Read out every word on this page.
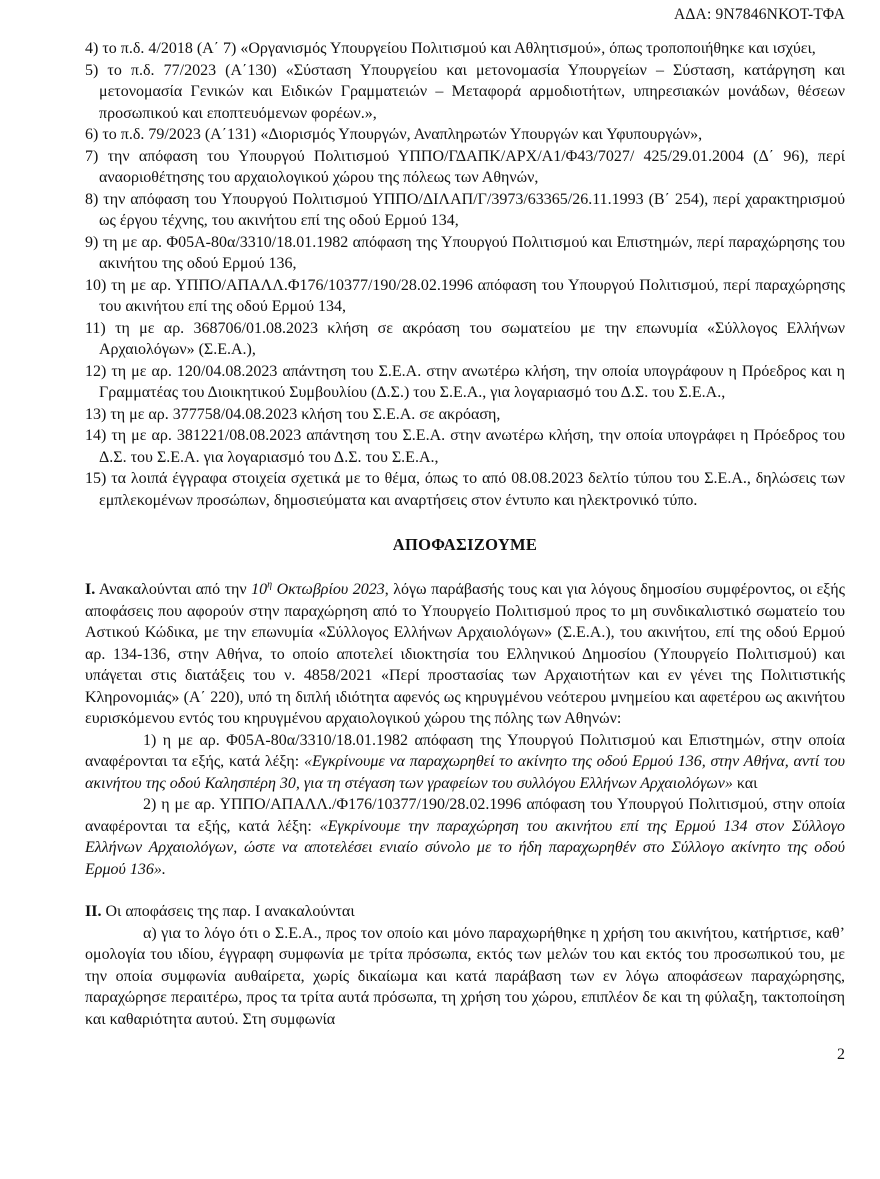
ΑΔΑ: 9Ν7846ΝΚΟΤ-ΤΦΑ
4) το π.δ. 4/2018 (Α΄ 7) «Οργανισμός Υπουργείου Πολιτισμού και Αθλητισμού», όπως τροποποιήθηκε και ισχύει,
5) το π.δ. 77/2023 (Α΄130) «Σύσταση Υπουργείου και μετονομασία Υπουργείων – Σύσταση, κατάργηση και μετονομασία Γενικών και Ειδικών Γραμματειών – Μεταφορά αρμοδιοτήτων, υπηρεσιακών μονάδων, θέσεων προσωπικού και εποπτευόμενων φορέων.»,
6) το π.δ. 79/2023 (Α΄131) «Διορισμός Υπουργών, Αναπληρωτών Υπουργών και Υφυπουργών»,
7) την απόφαση του Υπουργού Πολιτισμού ΥΠΠΟ/ΓΔΑΠΚ/ΑΡΧ/Α1/Φ43/7027/ 425/29.01.2004 (Δ΄ 96), περί αναοριοθέτησης του αρχαιολογικού χώρου της πόλεως των Αθηνών,
8) την απόφαση του Υπουργού Πολιτισμού ΥΠΠΟ/ΔΙΛΑΠ/Γ/3973/63365/26.11.1993 (Β΄ 254), περί χαρακτηρισμού ως έργου τέχνης, του ακινήτου επί της οδού Ερμού 134,
9) τη με αρ. Φ05Α-80α/3310/18.01.1982 απόφαση της Υπουργού Πολιτισμού και Επιστημών, περί παραχώρησης του ακινήτου της οδού Ερμού 136,
10) τη με αρ. ΥΠΠΟ/ΑΠΑΛΛ.Φ176/10377/190/28.02.1996 απόφαση του Υπουργού Πολιτισμού, περί παραχώρησης του ακινήτου επί της οδού Ερμού 134,
11) τη με αρ. 368706/01.08.2023 κλήση σε ακρόαση του σωματείου με την επωνυμία «Σύλλογος Ελλήνων Αρχαιολόγων» (Σ.Ε.Α.),
12) τη με αρ. 120/04.08.2023 απάντηση του Σ.Ε.Α. στην ανωτέρω κλήση, την οποία υπογράφουν η Πρόεδρος και η Γραμματέας του Διοικητικού Συμβουλίου (Δ.Σ.) του Σ.Ε.Α., για λογαριασμό του Δ.Σ. του Σ.Ε.Α.,
13) τη με αρ. 377758/04.08.2023 κλήση του Σ.Ε.Α. σε ακρόαση,
14) τη με αρ. 381221/08.08.2023 απάντηση του Σ.Ε.Α. στην ανωτέρω κλήση, την οποία υπογράφει η Πρόεδρος του Δ.Σ. του Σ.Ε.Α. για λογαριασμό του Δ.Σ. του Σ.Ε.Α.,
15) τα λοιπά έγγραφα στοιχεία σχετικά με το θέμα, όπως το από 08.08.2023 δελτίο τύπου του Σ.Ε.Α., δηλώσεις των εμπλεκομένων προσώπων, δημοσιεύματα και αναρτήσεις στον έντυπο και ηλεκτρονικό τύπο.
ΑΠΟΦΑΣΙΖΟΥΜΕ
Ι. Ανακαλούνται από την $10^\eta$ Οκτωβρίου 2023, λόγω παράβασής τους και για λόγους δημοσίου συμφέροντος, οι εξής αποφάσεις που αφορούν στην παραχώρηση από το Υπουργείο Πολιτισμού προς το μη συνδικαλιστικό σωματείο του Αστικού Κώδικα, με την επωνυμία «Σύλλογος Ελλήνων Αρχαιολόγων» (Σ.Ε.Α.), του ακινήτου, επί της οδού Ερμού αρ. 134-136, στην Αθήνα, το οποίο αποτελεί ιδιοκτησία του Ελληνικού Δημοσίου (Υπουργείο Πολιτισμού) και υπάγεται στις διατάξεις του ν. 4858/2021 «Περί προστασίας των Αρχαιοτήτων και εν γένει της Πολιτιστικής Κληρονομιάς» (Α΄ 220), υπό τη διπλή ιδιότητα αφενός ως κηρυγμένου νεότερου μνημείου και αφετέρου ως ακινήτου ευρισκόμενου εντός του κηρυγμένου αρχαιολογικού χώρου της πόλης των Αθηνών:
1) η με αρ. Φ05Α-80α/3310/18.01.1982 απόφαση της Υπουργού Πολιτισμού και Επιστημών, στην οποία αναφέρονται τα εξής, κατά λέξη: «Εγκρίνουμε να παραχωρηθεί το ακίνητο της οδού Ερμού 136, στην Αθήνα, αντί του ακινήτου της οδού Καλησπέρη 30, για τη στέγαση των γραφείων του συλλόγου Ελλήνων Αρχαιολόγων» και
2) η με αρ. ΥΠΠΟ/ΑΠΑΛΛ./Φ176/10377/190/28.02.1996 απόφαση του Υπουργού Πολιτισμού, στην οποία αναφέρονται τα εξής, κατά λέξη: «Εγκρίνουμε την παραχώρηση του ακινήτου επί της Ερμού 134 στον Σύλλογο Ελλήνων Αρχαιολόγων, ώστε να αποτελέσει ενιαίο σύνολο με το ήδη παραχωρηθέν στο Σύλλογο ακίνητο της οδού Ερμού 136».
ΙΙ. Οι αποφάσεις της παρ. Ι ανακαλούνται
α) για το λόγο ότι ο Σ.Ε.Α., προς τον οποίο και μόνο παραχωρήθηκε η χρήση του ακινήτου, κατήρτισε, καθ’ ομολογία του ιδίου, έγγραφη συμφωνία με τρίτα πρόσωπα, εκτός των μελών του και εκτός του προσωπικού του, με την οποία συμφωνία αυθαίρετα, χωρίς δικαίωμα και κατά παράβαση των εν λόγω αποφάσεων παραχώρησης, παραχώρησε περαιτέρω, προς τα τρίτα αυτά πρόσωπα, τη χρήση του χώρου, επιπλέον δε και τη φύλαξη, τακτοποίηση και καθαριότητα αυτού. Στη συμφωνία
2
